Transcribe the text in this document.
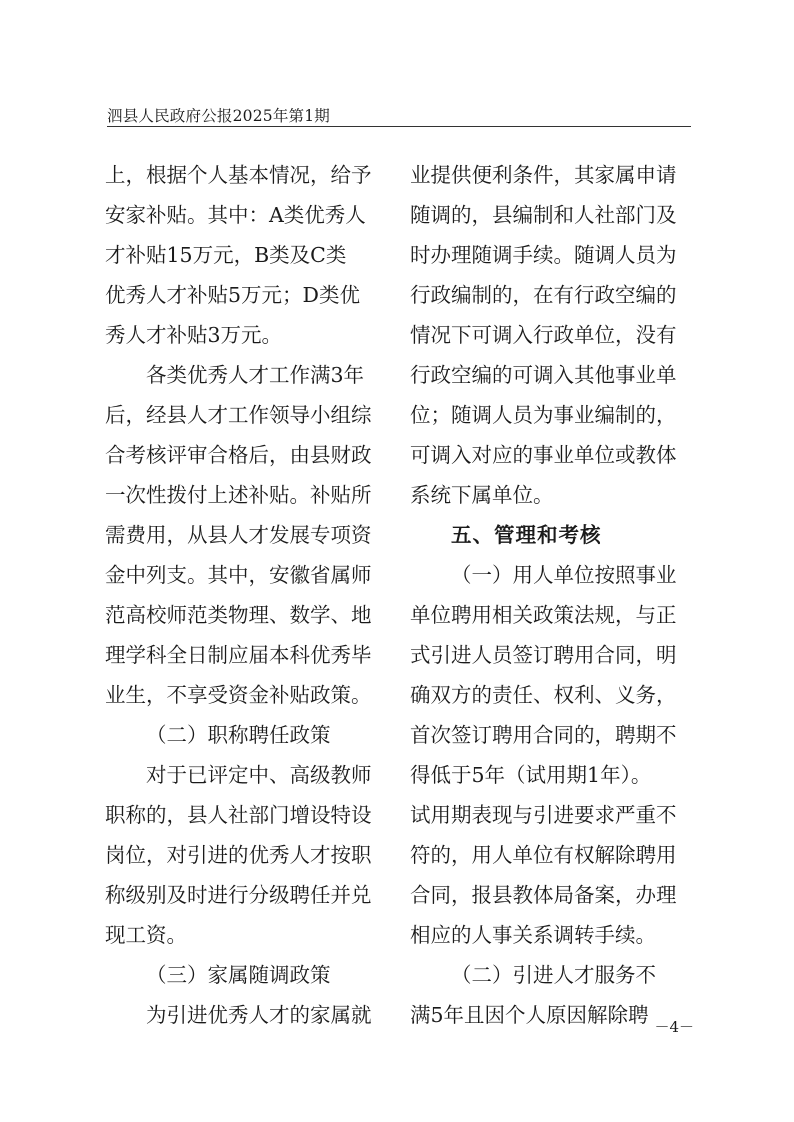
泗县人民政府公报2025年第1期
上，根据个人基本情况，给予
安家补贴。其中：A类优秀人
才补贴15万元，B类及C类
优秀人才补贴5万元；D类优
秀人才补贴3万元。
各类优秀人才工作满3年
后，经县人才工作领导小组综
合考核评审合格后，由县财政
一次性拨付上述补贴。补贴所
需费用，从县人才发展专项资
金中列支。其中，安徽省属师
范高校师范类物理、数学、地
理学科全日制应届本科优秀毕
业生，不享受资金补贴政策。
（二）职称聘任政策
对于已评定中、高级教师
职称的，县人社部门增设特设
岗位，对引进的优秀人才按职
称级别及时进行分级聘任并兑
现工资。
（三）家属随调政策
为引进优秀人才的家属就
业提供便利条件，其家属申请
随调的，县编制和人社部门及
时办理随调手续。随调人员为
行政编制的，在有行政空编的
情况下可调入行政单位，没有
行政空编的可调入其他事业单
位；随调人员为事业编制的，
可调入对应的事业单位或教体
系统下属单位。
五、管理和考核
（一）用人单位按照事业
单位聘用相关政策法规，与正
式引进人员签订聘用合同，明
确双方的责任、权利、义务，
首次签订聘用合同的，聘期不
得低于5年（试用期1年）。
试用期表现与引进要求严重不
符的，用人单位有权解除聘用
合同，报县教体局备案，办理
相应的人事关系调转手续。
（二）引进人才服务不
满5年且因个人原因解除聘 －4－
